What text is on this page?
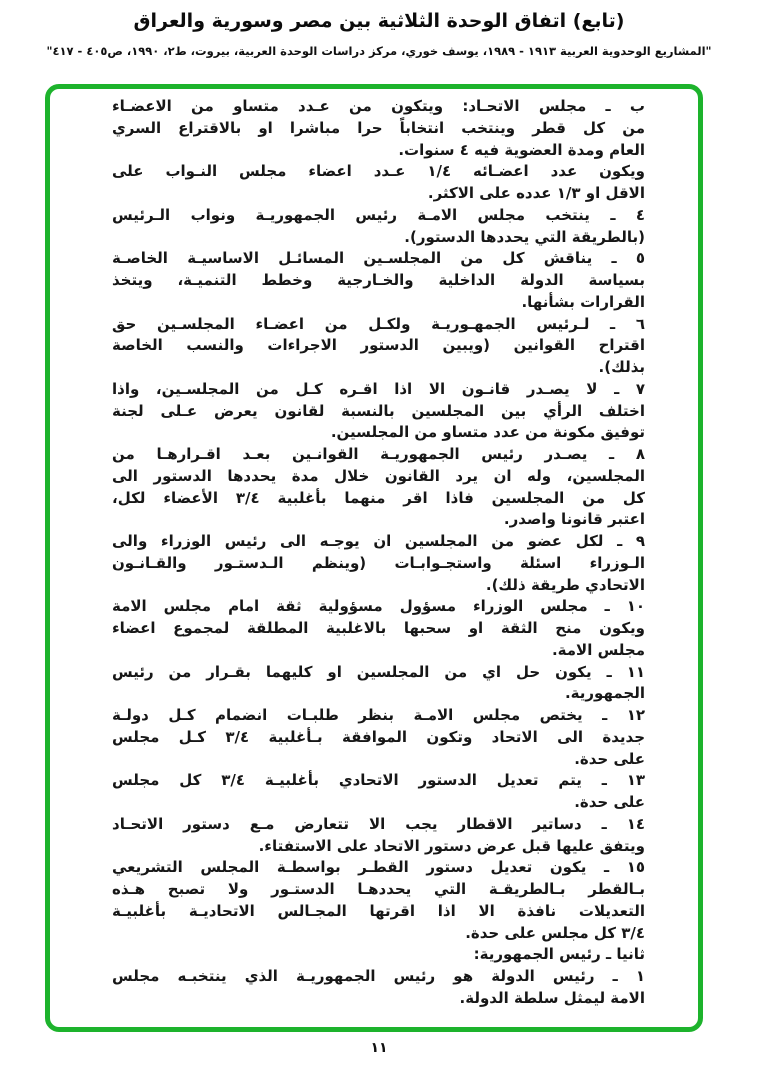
(تابع) اتفاق الوحدة الثلاثية بين مصر وسورية والعراق
"المشاريع الوحدوية العربية ١٩١٣ - ١٩٨٩، يوسف خوري، مركز دراسات الوحدة العربية، بيروت، ط٢، ١٩٩٠، ص٤٠٥ - ٤١٧"
ب ـ مجلس الاتحـاد: ويتكون من عـدد متساو من الاعضـاء
من كل قطر وينتخب انتخاباً حرا مباشرا او بالاقتراع السري
العام ومدة العضوية فيه ٤ سنوات.
ويكون عدد اعضـائه ١/٤ عـدد اعضاء مجلس النـواب على
الاقل او ١/٣ عدده على الاكثر.
٤ ـ ينتخب مجلس الامـة رئيس الجمهوريـة ونواب الـرئيس
(بالطريقة التي يحددها الدستور).
٥ ـ يناقش كل من المجلسـين المسائـل الاساسيـة الخاصـة
بسياسة الدولة الداخلية والخـارجية وخطط التنميـة، ويتخذ
القرارات بشأنها.
٦ ـ لـرئيس الجمهـوريـة ولكـل من اعضـاء المجلسـين حق
اقتراح القوانين (ويبين الدستور الاجراءات والنسب الخاصة
بذلك).
٧ ـ لا يصـدر قانـون الا اذا اقـره كـل من المجلسـين، واذا
اختلف الرأي بين المجلسين بالنسبة لقانون يعرض عـلى لجنة
توفيق مكونة من عدد متساو من المجلسين.
٨ ـ يصـدر رئيس الجمهوريـة القوانـين بعـد اقـرارهـا من
المجلسين، وله ان يرد القانون خلال مدة يحددها الدستور الى
كل من المجلسين فاذا اقر منهما بأغلبية ٣/٤ الأعضاء لكل،
اعتبر قانونا واصدر.
٩ ـ لكل عضو من المجلسين ان يوجـه الى رئيس الوزراء والى
الـوزراء اسئلة واستجـوابـات (وينظم الـدستـور والقـانـون
الاتحادي طريقة ذلك).
١٠ ـ مجلس الوزراء مسؤول مسؤولية ثقة امام مجلس الامة
ويكون منح الثقة او سحبها بالاغلبية المطلقة لمجموع اعضاء
مجلس الامة.
١١ ـ يكون حل اي من المجلسين او كليهما بقـرار من رئيس
الجمهورية.
١٢ ـ يختص مجلس الامـة بنظر طلبـات انضمام كـل دولـة
جديدة الى الاتحاد وتكون الموافقة بـأغلبية ٣/٤ كـل مجلس
على حدة.
١٣ ـ يتم تعديل الدستور الاتحادي بأغلبيـة ٣/٤ كل مجلس
على حدة.
١٤ ـ دساتير الاقطار يجب الا تتعارض مـع دستور الاتحـاد
ويتفق عليها قبل عرض دستور الاتحاد على الاستفتاء.
١٥ ـ يكون تعديل دستور القطـر بواسطـة المجلس التشريعي
بـالقطر بـالطريقـة التي يحددهـا الدستـور ولا تصبح هـذه
التعديلات نافذة الا اذا اقرتها المجـالس الاتحاديـة بأغلبيـة
٣/٤ كل مجلس على حدة.
ثانيا ـ رئيس الجمهورية:
١ ـ رئيس الدولة هو رئيس الجمهوريـة الذي ينتخبـه مجلس
الامة ليمثل سلطة الدولة.
١١
